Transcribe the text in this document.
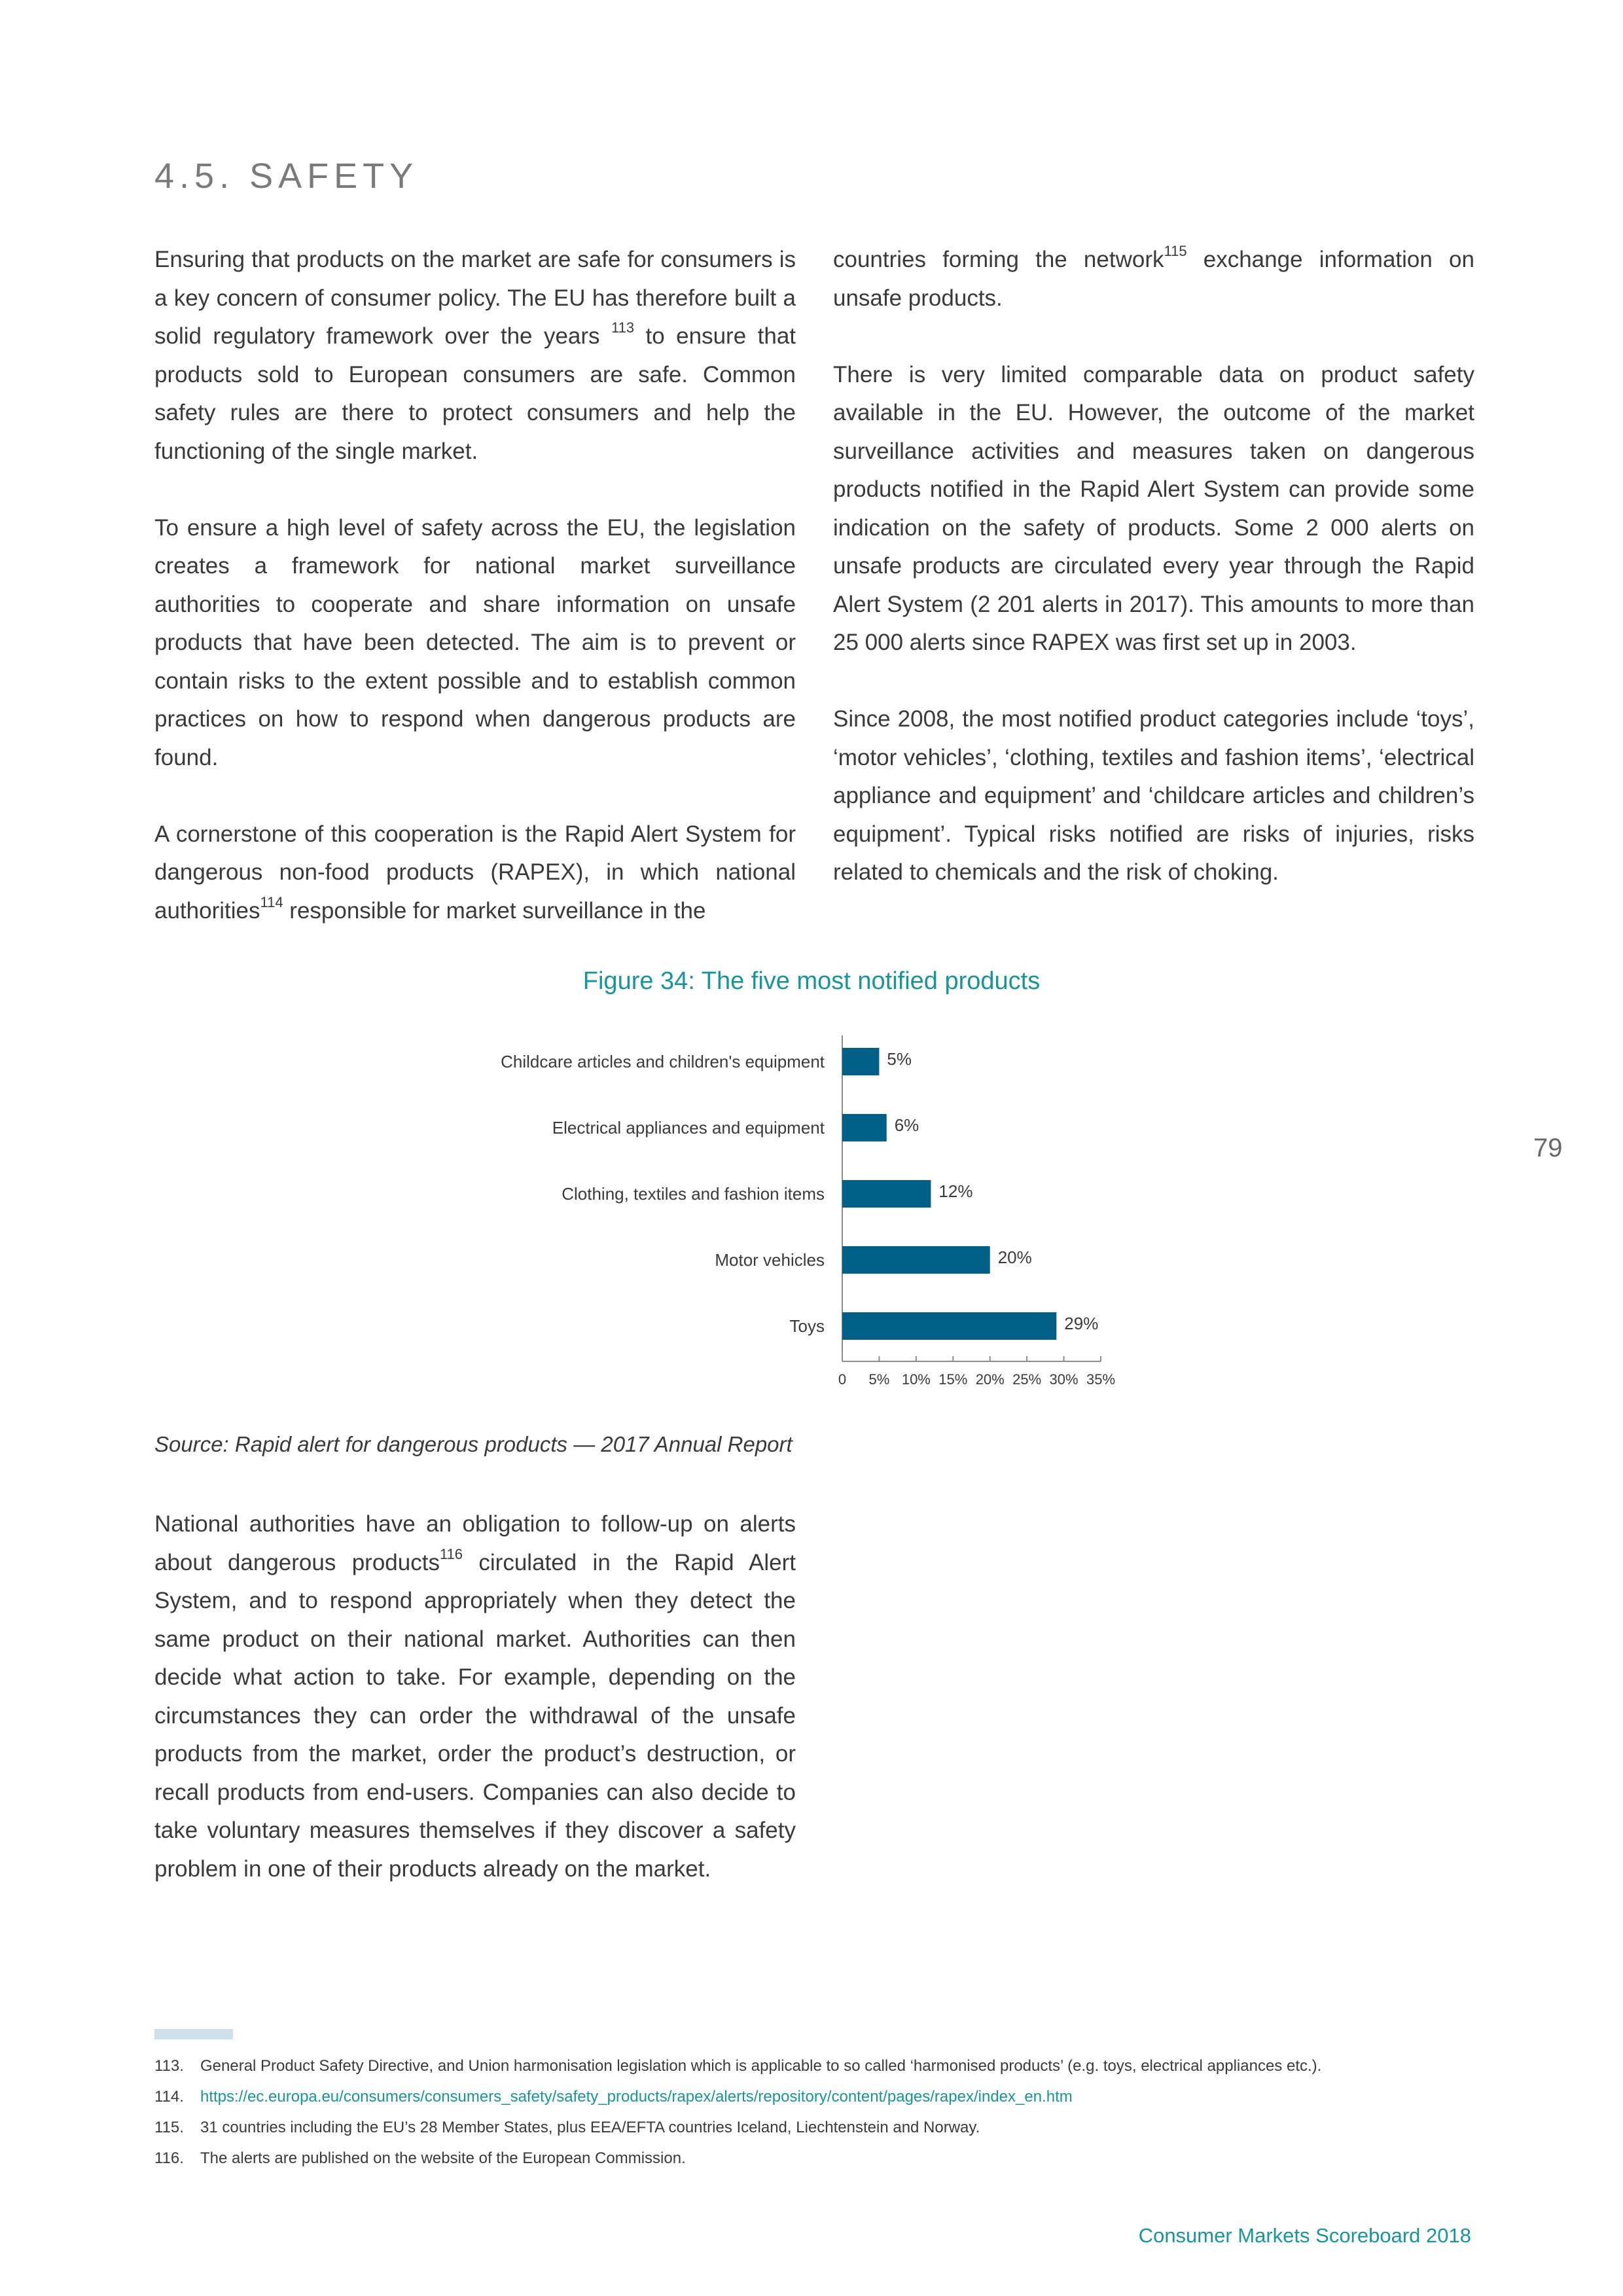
4.5. SAFETY

Ensuring that products on the market are safe for consumers is a key concern of consumer policy. The EU has therefore built a solid regulatory framework over the years $^{113}$ to ensure that products sold to European consumers are safe. Common safety rules are there to protect consumers and help the functioning of the single market.

To ensure a high level of safety across the EU, the legislation creates a framework for national market surveillance authorities to cooperate and share information on unsafe products that have been detected. The aim is to prevent or contain risks to the extent possible and to establish common practices on how to respond when dangerous products are found.

A cornerstone of this cooperation is the Rapid Alert System for dangerous non-food products (RAPEX), in which national authorities$^{114}$ responsible for market surveillance in the

countries forming the network$^{115}$ exchange information on unsafe products.

There is very limited comparable data on product safety available in the EU. However, the outcome of the market surveillance activities and measures taken on dangerous products notified in the Rapid Alert System can provide some indication on the safety of products. Some 2 000 alerts on unsafe products are circulated every year through the Rapid Alert System (2 201 alerts in 2017). This amounts to more than 25 000 alerts since RAPEX was first set up in 2003.

Since 2008, the most notified product categories include ‘toys’, ‘motor vehicles’, ‘clothing, textiles and fashion items’, ‘electrical appliance and equipment’ and ‘childcare articles and children’s equipment’. Typical risks notified are risks of injuries, risks related to chemicals and the risk of choking.

Figure 34: The five most notified products
Childcare articles and children's equipment	5%
Electrical appliances and equipment	6%
Clothing, textiles and fashion items	12%
Motor vehicles	20%
Toys	29%
0 5% 10% 15% 20% 25% 30% 35%
Source: Rapid alert for dangerous products — 2017 Annual Report

National authorities have an obligation to follow-up on alerts about dangerous products$^{116}$ circulated in the Rapid Alert System, and to respond appropriately when they detect the same product on their national market. Authorities can then decide what action to take. For example, depending on the circumstances they can order the withdrawal of the unsafe products from the market, order the product’s destruction, or recall products from end-users. Companies can also decide to take voluntary measures themselves if they discover a safety problem in one of their products already on the market.

79
113. General Product Safety Directive, and Union harmonisation legislation which is applicable to so called ‘harmonised products’ (e.g. toys, electrical appliances etc.).
114. https://ec.europa.eu/consumers/consumers_safety/safety_products/rapex/alerts/repository/content/pages/rapex/index_en.htm
115. 31 countries including the EU’s 28 Member States, plus EEA/EFTA countries Iceland, Liechtenstein and Norway.
116. The alerts are published on the website of the European Commission.
Consumer Markets Scoreboard 2018
